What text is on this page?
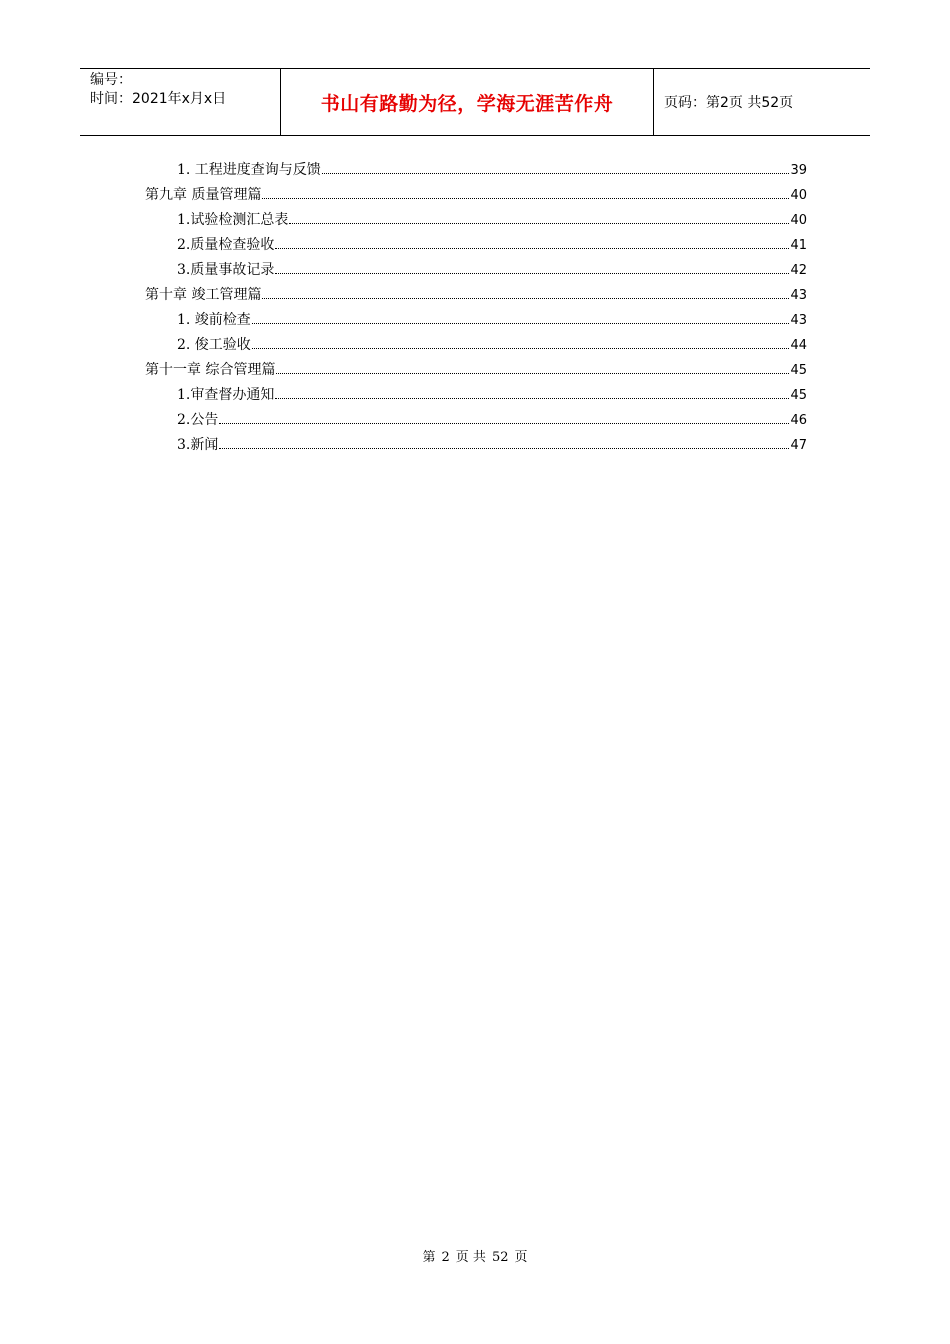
编号：
时间：2021年x月x日	书山有路勤为径，学海无涯苦作舟	页码：第2页 共52页
1. 工程进度查询与反馈	39
第九章 质量管理篇	40
1.试验检测汇总表	40
2.质量检查验收	41
3.质量事故记录	42
第十章 竣工管理篇	43
1. 竣前检查	43
2. 俊工验收	44
第十一章 综合管理篇	45
1.审查督办通知	45
2.公告	46
3.新闻	47
第 2 页 共 52 页
